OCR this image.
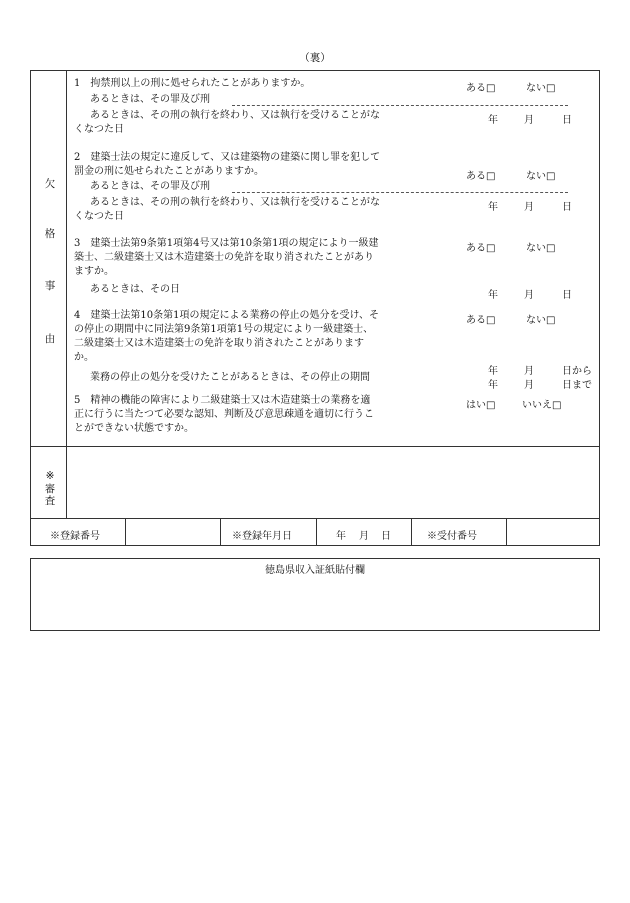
（裏）
欠
格
事
由
1　拘禁刑以上の刑に処せられたことがありますか。	ある□	ない□
あるときは、その罪及び刑
あるときは、その刑の執行を終わり、又は執行を受けることがな
くなつた日
年	月	日
2　建築士法の規定に違反して、又は建築物の建築に関し罪を犯して
罰金の刑に処せられたことがありますか。	ある□	ない□
あるときは、その罪及び刑
あるときは、その刑の執行を終わり、又は執行を受けることがな
くなつた日
年	月	日
3　建築士法第9条第1項第4号又は第10条第1項の規定により一級建
築士、二級建築士又は木造建築士の免許を取り消されたことがあり
ますか。
ある□	ない□
あるときは、その日
年	月	日
4　建築士法第10条第1項の規定による業務の停止の処分を受け、そ
の停止の期間中に同法第9条第1項第1号の規定により一級建築士、
二級建築士又は木造建築士の免許を取り消されたことがあります
か。
ある□	ない□
業務の停止の処分を受けたことがあるときは、その停止の期間
年	月	日から
年	月	日まで
5　精神の機能の障害により二級建築士又は木造建築士の業務を適
正に行うに当たつて必要な認知、判断及び意思疎通を適切に行うこ
とができない状態ですか。
はい□	いいえ□
※
審
査
※登録番号	※登録年月日	年 月 日	※受付番号
徳島県収入証紙貼付欄
